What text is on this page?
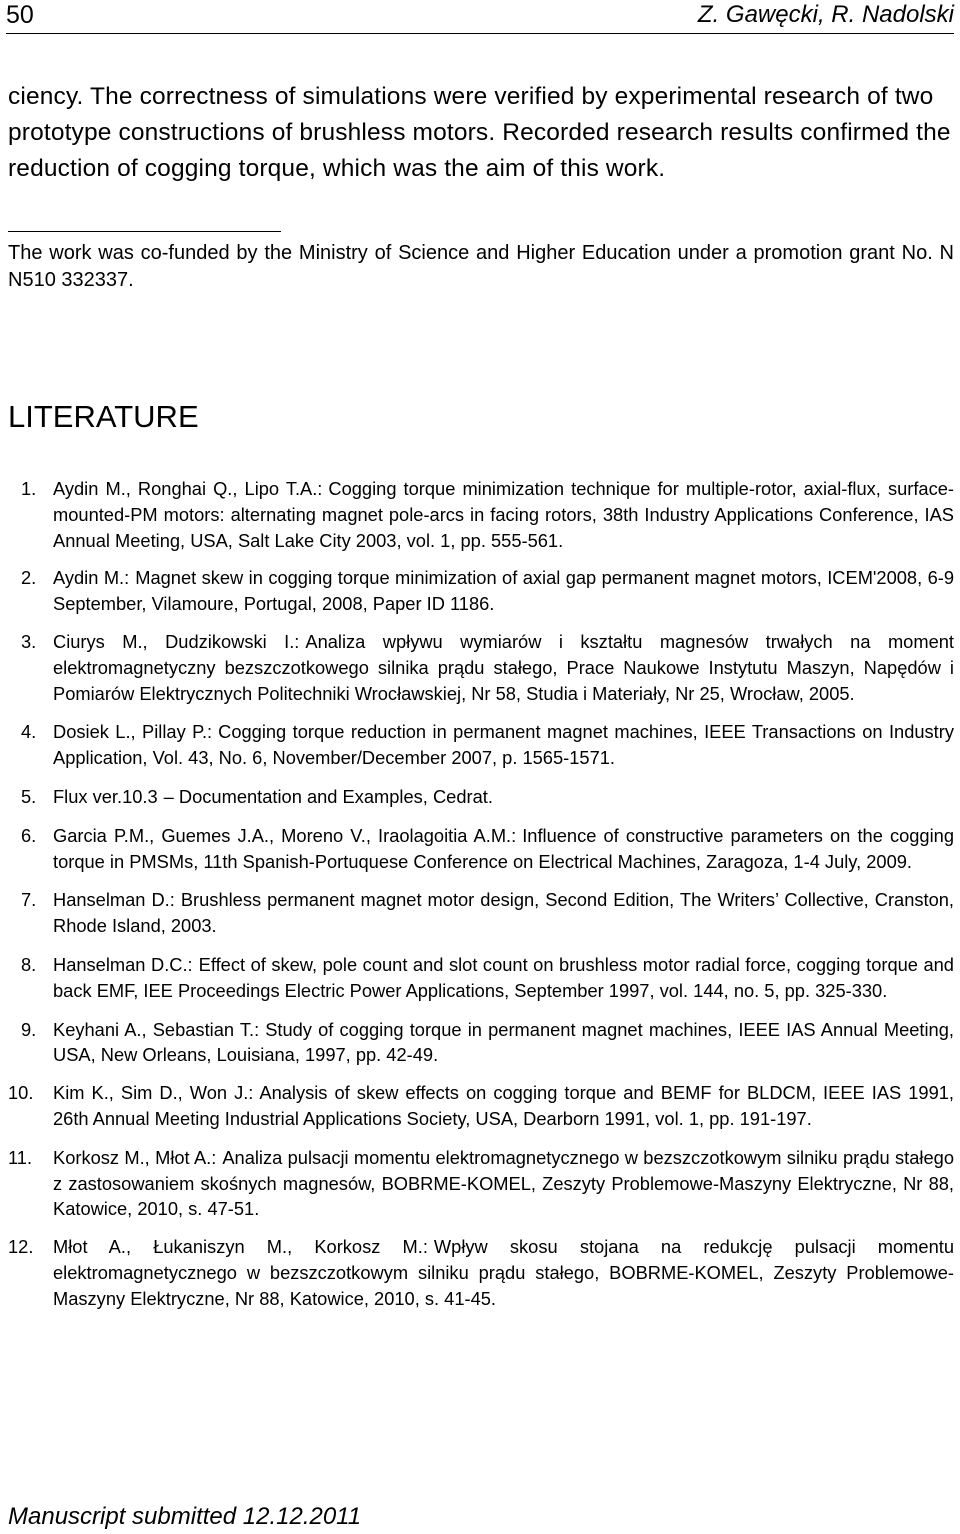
50	Z. Gawęcki, R. Nadolski

ciency. The correctness of simulations were verified by experimental research of two prototype constructions of brushless motors. Recorded research results confirmed the reduction of cogging torque, which was the aim of this work.

The work was co-funded by the Ministry of Science and Higher Education under a promotion grant No. N N510 332337.

LITERATURE
1. Aydin M., Ronghai Q., Lipo T.A.: Cogging torque minimization technique for multiple-rotor, axial-flux, surface-mounted-PM motors: alternating magnet pole-arcs in facing rotors, 38th Industry Applications Conference, IAS Annual Meeting, USA, Salt Lake City 2003, vol. 1, pp. 555-561.
2. Aydin M.: Magnet skew in cogging torque minimization of axial gap permanent magnet motors, ICEM'2008, 6-9 September, Vilamoure, Portugal, 2008, Paper ID 1186.
3. Ciurys M., Dudzikowski I.: Analiza wpływu wymiarów i kształtu magnesów trwałych na moment elektromagnetyczny bezszczotkowego silnika prądu stałego, Prace Naukowe Instytutu Maszyn, Napędów i Pomiarów Elektrycznych Politechniki Wrocławskiej, Nr 58, Studia i Materiały, Nr 25, Wrocław, 2005.
4. Dosiek L., Pillay P.: Cogging torque reduction in permanent magnet machines, IEEE Transactions on Industry Application, Vol. 43, No. 6, November/December 2007, p. 1565-1571.
5. Flux ver.10.3 – Documentation and Examples, Cedrat.
6. Garcia P.M., Guemes J.A., Moreno V., Iraolagoitia A.M.: Influence of constructive parameters on the cogging torque in PMSMs, 11th Spanish-Portuquese Conference on Electrical Machines, Zaragoza, 1-4 July, 2009.
7. Hanselman D.: Brushless permanent magnet motor design, Second Edition, The Writers’ Collective, Cranston, Rhode Island, 2003.
8. Hanselman D.C.: Effect of skew, pole count and slot count on brushless motor radial force, cogging torque and back EMF, IEE Proceedings Electric Power Applications, September 1997, vol. 144, no. 5, pp. 325-330.
9. Keyhani A., Sebastian T.: Study of cogging torque in permanent magnet machines, IEEE IAS Annual Meeting, USA, New Orleans, Louisiana, 1997, pp. 42-49.
10. Kim K., Sim D., Won J.: Analysis of skew effects on cogging torque and BEMF for BLDCM, IEEE IAS 1991, 26th Annual Meeting Industrial Applications Society, USA, Dearborn 1991, vol. 1, pp. 191-197.
11. Korkosz M., Młot A.: Analiza pulsacji momentu elektromagnetycznego w bezszczotkowym silniku prądu stałego z zastosowaniem skośnych magnesów, BOBRME-KOMEL, Zeszyty Problemowe-Maszyny Elektryczne, Nr 88, Katowice, 2010, s. 47-51.
12. Młot A., Łukaniszyn M., Korkosz M.: Wpływ skosu stojana na redukcję pulsacji momentu elektromagnetycznego w bezszczotkowym silniku prądu stałego, BOBRME-KOMEL, Zeszyty Problemowe-Maszyny Elektryczne, Nr 88, Katowice, 2010, s. 41-45.
Manuscript submitted 12.12.2011
